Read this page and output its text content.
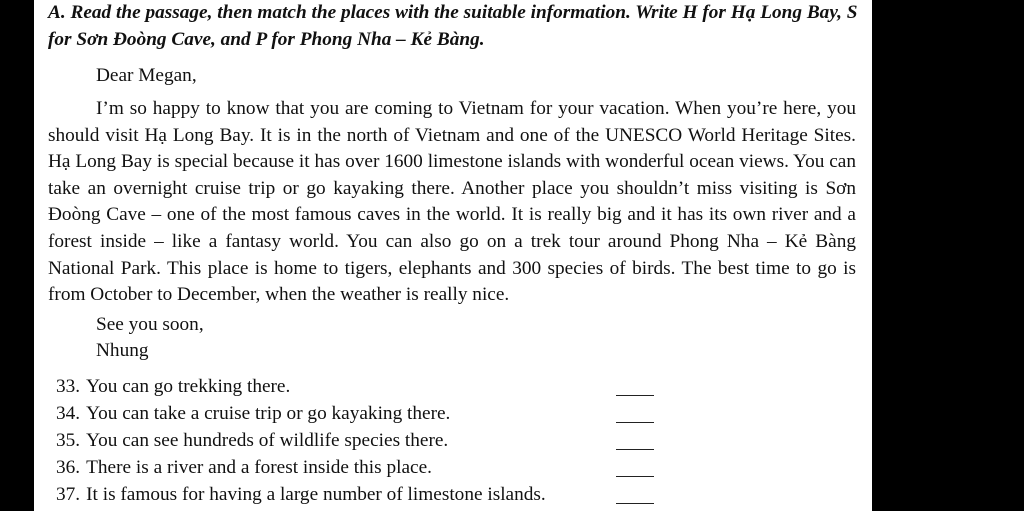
A. Read the passage, then match the places with the suitable information. Write H for Hạ Long Bay, S for Sơn Đoòng Cave, and P for Phong Nha – Kẻ Bàng.
Dear Megan,
I’m so happy to know that you are coming to Vietnam for your vacation. When you’re here, you should visit Hạ Long Bay. It is in the north of Vietnam and one of the UNESCO World Heritage Sites. Hạ Long Bay is special because it has over 1600 limestone islands with wonderful ocean views. You can take an overnight cruise trip or go kayaking there. Another place you shouldn’t miss visiting is Sơn Đoòng Cave – one of the most famous caves in the world. It is really big and it has its own river and a forest inside – like a fantasy world. You can also go on a trek tour around Phong Nha – Kẻ Bàng National Park. This place is home to tigers, elephants and 300 species of birds. The best time to go is from October to December, when the weather is really nice.
See you soon,
Nhung
33. You can go trekking there.
34. You can take a cruise trip or go kayaking there.
35. You can see hundreds of wildlife species there.
36. There is a river and a forest inside this place.
37. It is famous for having a large number of limestone islands.
